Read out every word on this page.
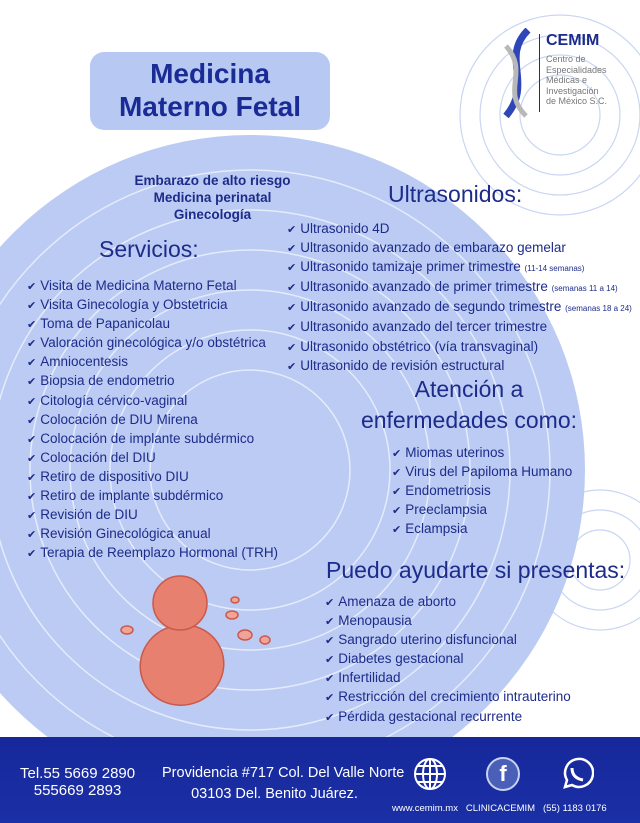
Medicina
Materno Fetal
CEMIM
Centro de
Especialidades
Médicas e
Investigación
de México S.C.
Embarazo de alto riesgo
Medicina perinatal
Ginecología
Servicios:
✔ Visita de Medicina Materno Fetal
✔ Visita Ginecología y Obstetricia
✔ Toma de Papanicolau
✔ Valoración ginecológica y/o obstétrica
✔ Amniocentesis
✔ Biopsia de endometrio
✔ Citología cérvico-vaginal
✔ Colocación de DIU Mirena
✔ Colocación de implante subdérmico
✔ Colocación del DIU
✔ Retiro de dispositivo DIU
✔ Retiro de implante subdérmico
✔ Revisión de DIU
✔ Revisión Ginecológica anual
✔ Terapia de Reemplazo Hormonal (TRH)
Ultrasonidos:
✔ Ultrasonido 4D
✔ Ultrasonido avanzado de embarazo gemelar
✔ Ultrasonido tamizaje primer trimestre (11-14 semanas)
✔ Ultrasonido avanzado de primer trimestre (semanas 11 a 14)
✔ Ultrasonido avanzado de segundo trimestre (semanas 18 a 24)
✔ Ultrasonido avanzado del tercer trimestre
✔ Ultrasonido obstétrico (vía transvaginal)
✔ Ultrasonido de revisión estructural
Atención a
enfermedades como:
✔ Miomas uterinos
✔ Virus del Papiloma Humano
✔ Endometriosis
✔ Preeclampsia
✔ Eclampsia
Puedo ayudarte si presentas:
✔ Amenaza de aborto
✔ Menopausia
✔ Sangrado uterino disfuncional
✔ Diabetes gestacional
✔ Infertilidad
✔ Restricción del crecimiento intrauterino
✔ Pérdida gestacional recurrente
Tel.55 5669 2890
555669 2893
Providencia #717 Col. Del Valle Norte
03103 Del. Benito Juárez.
f
www.cemim.mx CLINICACEMIM (55) 1183 0176
